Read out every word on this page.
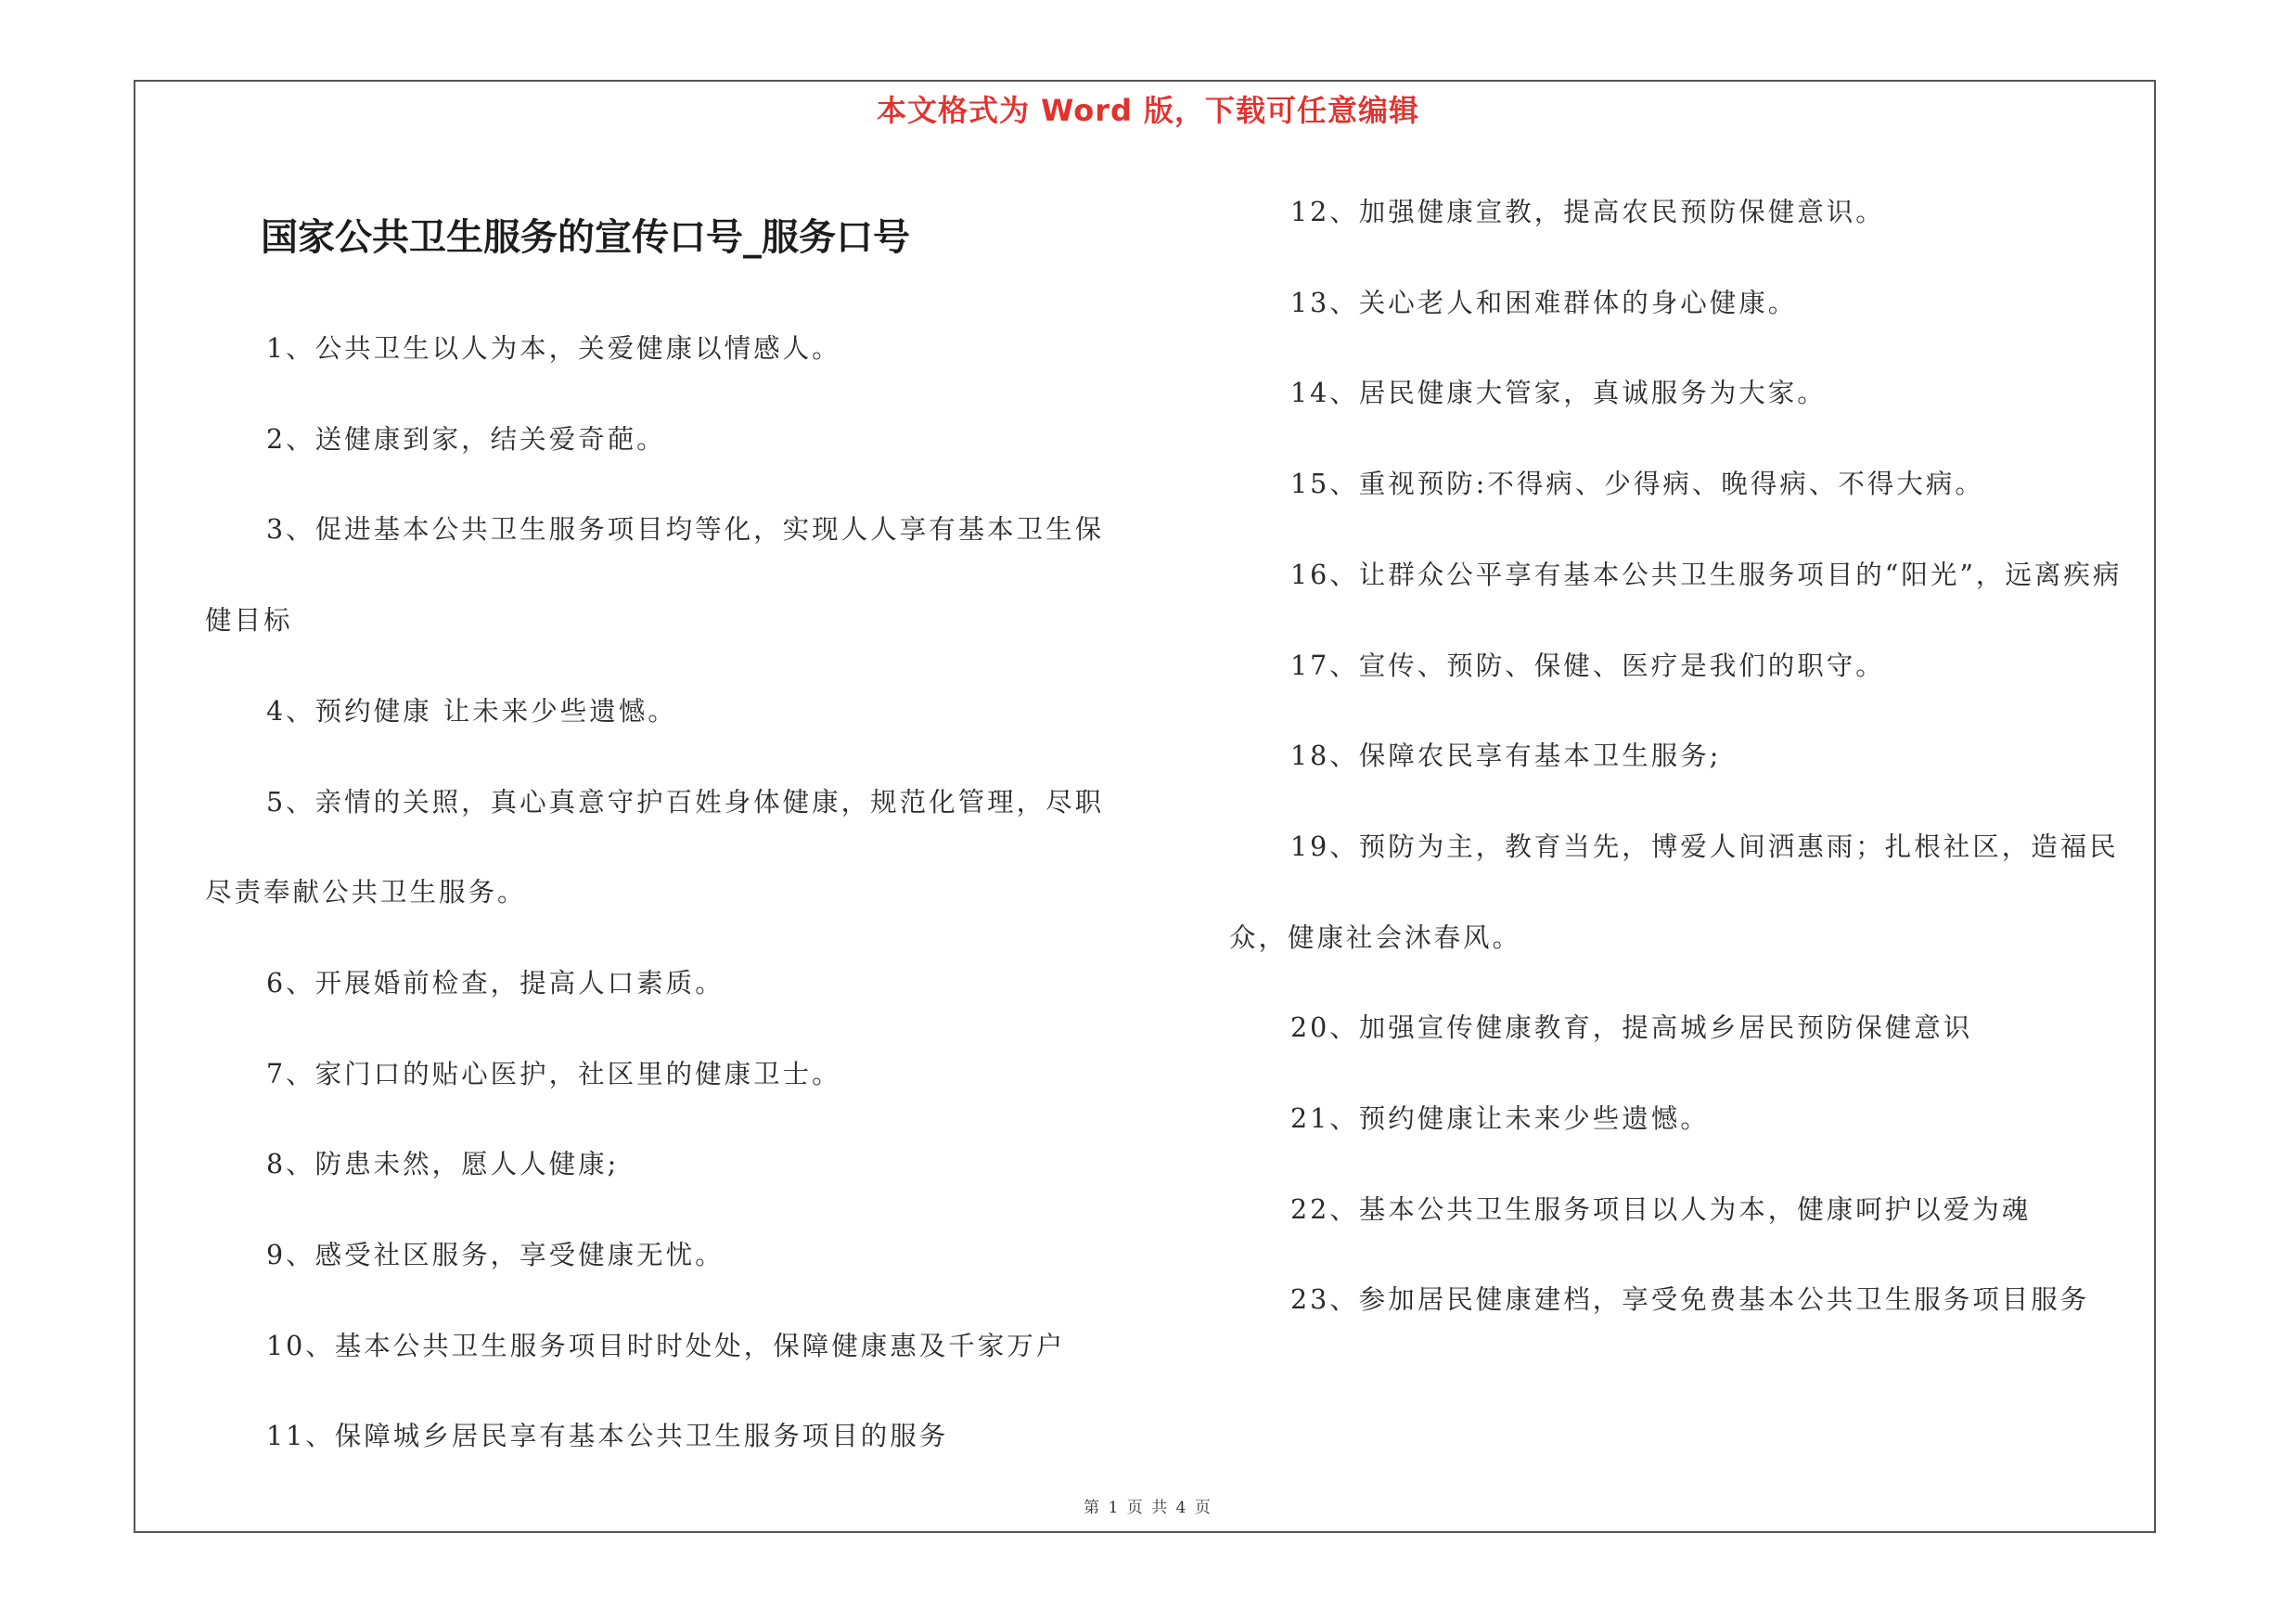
本文格式为 Word 版，下载可任意编辑
国家公共卫生服务的宣传口号_服务口号

1、公共卫生以人为本，关爱健康以情感人。

2、送健康到家，结关爱奇葩。

3、促进基本公共卫生服务项目均等化，实现人人享有基本卫生保健目标

4、预约健康 让未来少些遗憾。

5、亲情的关照，真心真意守护百姓身体健康，规范化管理，尽职尽责奉献公共卫生服务。

6、开展婚前检查，提高人口素质。

7、家门口的贴心医护，社区里的健康卫士。

8、防患未然，愿人人健康;

9、感受社区服务，享受健康无忧。

10、基本公共卫生服务项目时时处处，保障健康惠及千家万户

11、保障城乡居民享有基本公共卫生服务项目的服务

12、加强健康宣教，提高农民预防保健意识。

13、关心老人和困难群体的身心健康。

14、居民健康大管家，真诚服务为大家。

15、重视预防:不得病、少得病、晚得病、不得大病。

16、让群众公平享有基本公共卫生服务项目的“阳光”，远离疾病

17、宣传、预防、保健、医疗是我们的职守。

18、保障农民享有基本卫生服务;

19、预防为主，教育当先，博爱人间洒惠雨；扎根社区，造福民众，健康社会沐春风。

20、加强宣传健康教育，提高城乡居民预防保健意识

21、预约健康让未来少些遗憾。

22、基本公共卫生服务项目以人为本，健康呵护以爱为魂

23、参加居民健康建档，享受免费基本公共卫生服务项目服务

第 1 页 共 4 页
